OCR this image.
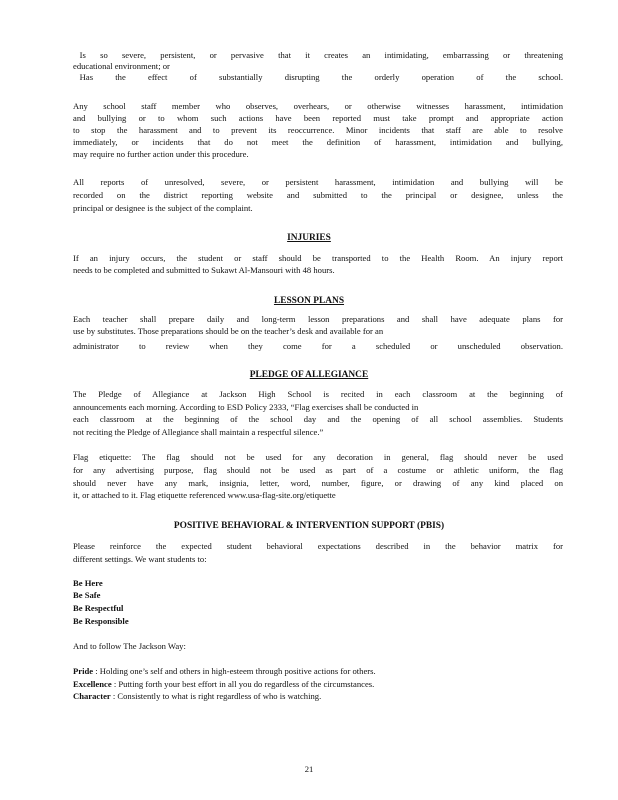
 Is so severe, persistent, or pervasive that it creates an intimidating, embarrassing or threatening
educational environment; or
 Has the effect of substantially disrupting the orderly operation of the school.
Any school staff member who observes, overhears, or otherwise witnesses harassment, intimidation
and bullying or to whom such actions have been reported must take prompt and appropriate action
to stop the harassment and to prevent its reoccurrence. Minor incidents that staff are able to resolve
immediately, or incidents that do not meet the definition of harassment, intimidation and bullying,
may require no further action under this procedure.
All reports of unresolved, severe, or persistent harassment, intimidation and bullying will be
recorded on the district reporting website and submitted to the principal or designee, unless the
principal or designee is the subject of the complaint.
INJURIES
If an injury occurs, the student or staff should be transported to the Health Room. An injury report
needs to be completed and submitted to Sukawt Al-Mansouri with 48 hours.
LESSON PLANS
Each teacher shall prepare daily and long-term lesson preparations and shall have adequate plans for
use by substitutes. Those preparations should be on the teacher’s desk and available for an
administrator to review when they come for a scheduled or unscheduled observation.
PLEDGE OF ALLEGIANCE
The Pledge of Allegiance at Jackson High School is recited in each classroom at the beginning of
announcements each morning. According to ESD Policy 2333, “Flag exercises shall be conducted in
each classroom at the beginning of the school day and the opening of all school assemblies. Students
not reciting the Pledge of Allegiance shall maintain a respectful silence.”
Flag etiquette: The flag should not be used for any decoration in general, flag should never be used
for any advertising purpose, flag should not be used as part of a costume or athletic uniform, the flag
should never have any mark, insignia, letter, word, number, figure, or drawing of any kind placed on
it, or attached to it. Flag etiquette referenced www.usa-flag-site.org/etiquette
POSITIVE BEHAVIORAL & INTERVENTION SUPPORT (PBIS)
Please reinforce the expected student behavioral expectations described in the behavior matrix for
different settings. We want students to:
Be Here
Be Safe
Be Respectful
Be Responsible
And to follow The Jackson Way:
Pride : Holding one’s self and others in high-esteem through positive actions for others.
Excellence : Putting forth your best effort in all you do regardless of the circumstances.
Character : Consistently to what is right regardless of who is watching.
21
